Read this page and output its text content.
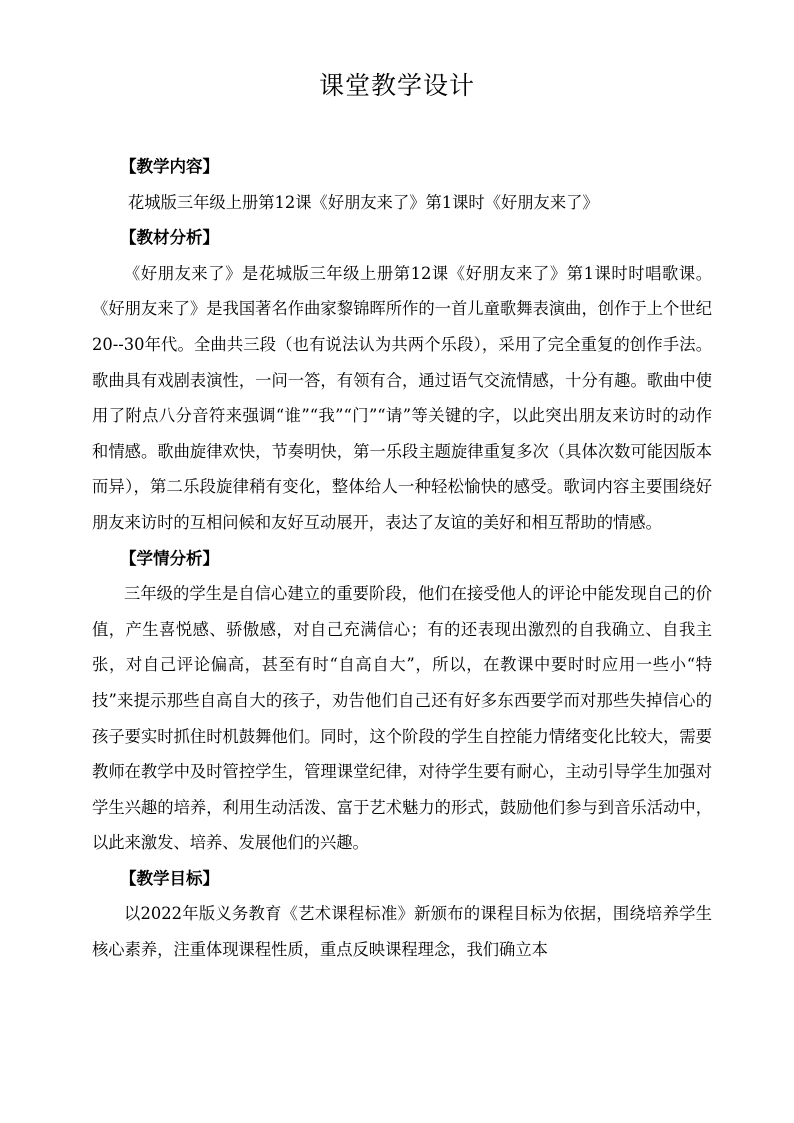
课堂教学设计

【教学内容】

花城版三年级上册第12课《好朋友来了》第1课时《好朋友来了》

【教材分析】

《好朋友来了》是花城版三年级上册第12课《好朋友来了》第1课时时唱歌课。《好朋友来了》是我国著名作曲家黎锦晖所作的一首儿童歌舞表演曲，创作于上个世纪20--30年代。全曲共三段（也有说法认为共两个乐段），采用了完全重复的创作手法。歌曲具有戏剧表演性，一问一答，有领有合，通过语气交流情感，十分有趣。歌曲中使用了附点八分音符来强调“谁”“我”“门”“请”等关键的字，以此突出朋友来访时的动作和情感。歌曲旋律欢快，节奏明快，第一乐段主题旋律重复多次（具体次数可能因版本而异），第二乐段旋律稍有变化，整体给人一种轻松愉快的感受。歌词内容主要围绕好朋友来访时的互相问候和友好互动展开，表达了友谊的美好和相互帮助的情感。

【学情分析】

三年级的学生是自信心建立的重要阶段，他们在接受他人的评论中能发现自己的价值，产生喜悦感、骄傲感，对自己充满信心；有的还表现出激烈的自我确立、自我主张，对自己评论偏高，甚至有时“自高自大”，所以，在教课中要时时应用一些小“特技”来提示那些自高自大的孩子，劝告他们自己还有好多东西要学而对那些失掉信心的孩子要实时抓住时机鼓舞他们。同时，这个阶段的学生自控能力情绪变化比较大，需要教师在教学中及时管控学生，管理课堂纪律，对待学生要有耐心，主动引导学生加强对学生兴趣的培养，利用生动活泼、富于艺术魅力的形式，鼓励他们参与到音乐活动中，以此来激发、培养、发展他们的兴趣。

【教学目标】

以2022年版义务教育《艺术课程标准》新颁布的课程目标为依据，围绕培养学生核心素养，注重体现课程性质，重点反映课程理念，我们确立本
